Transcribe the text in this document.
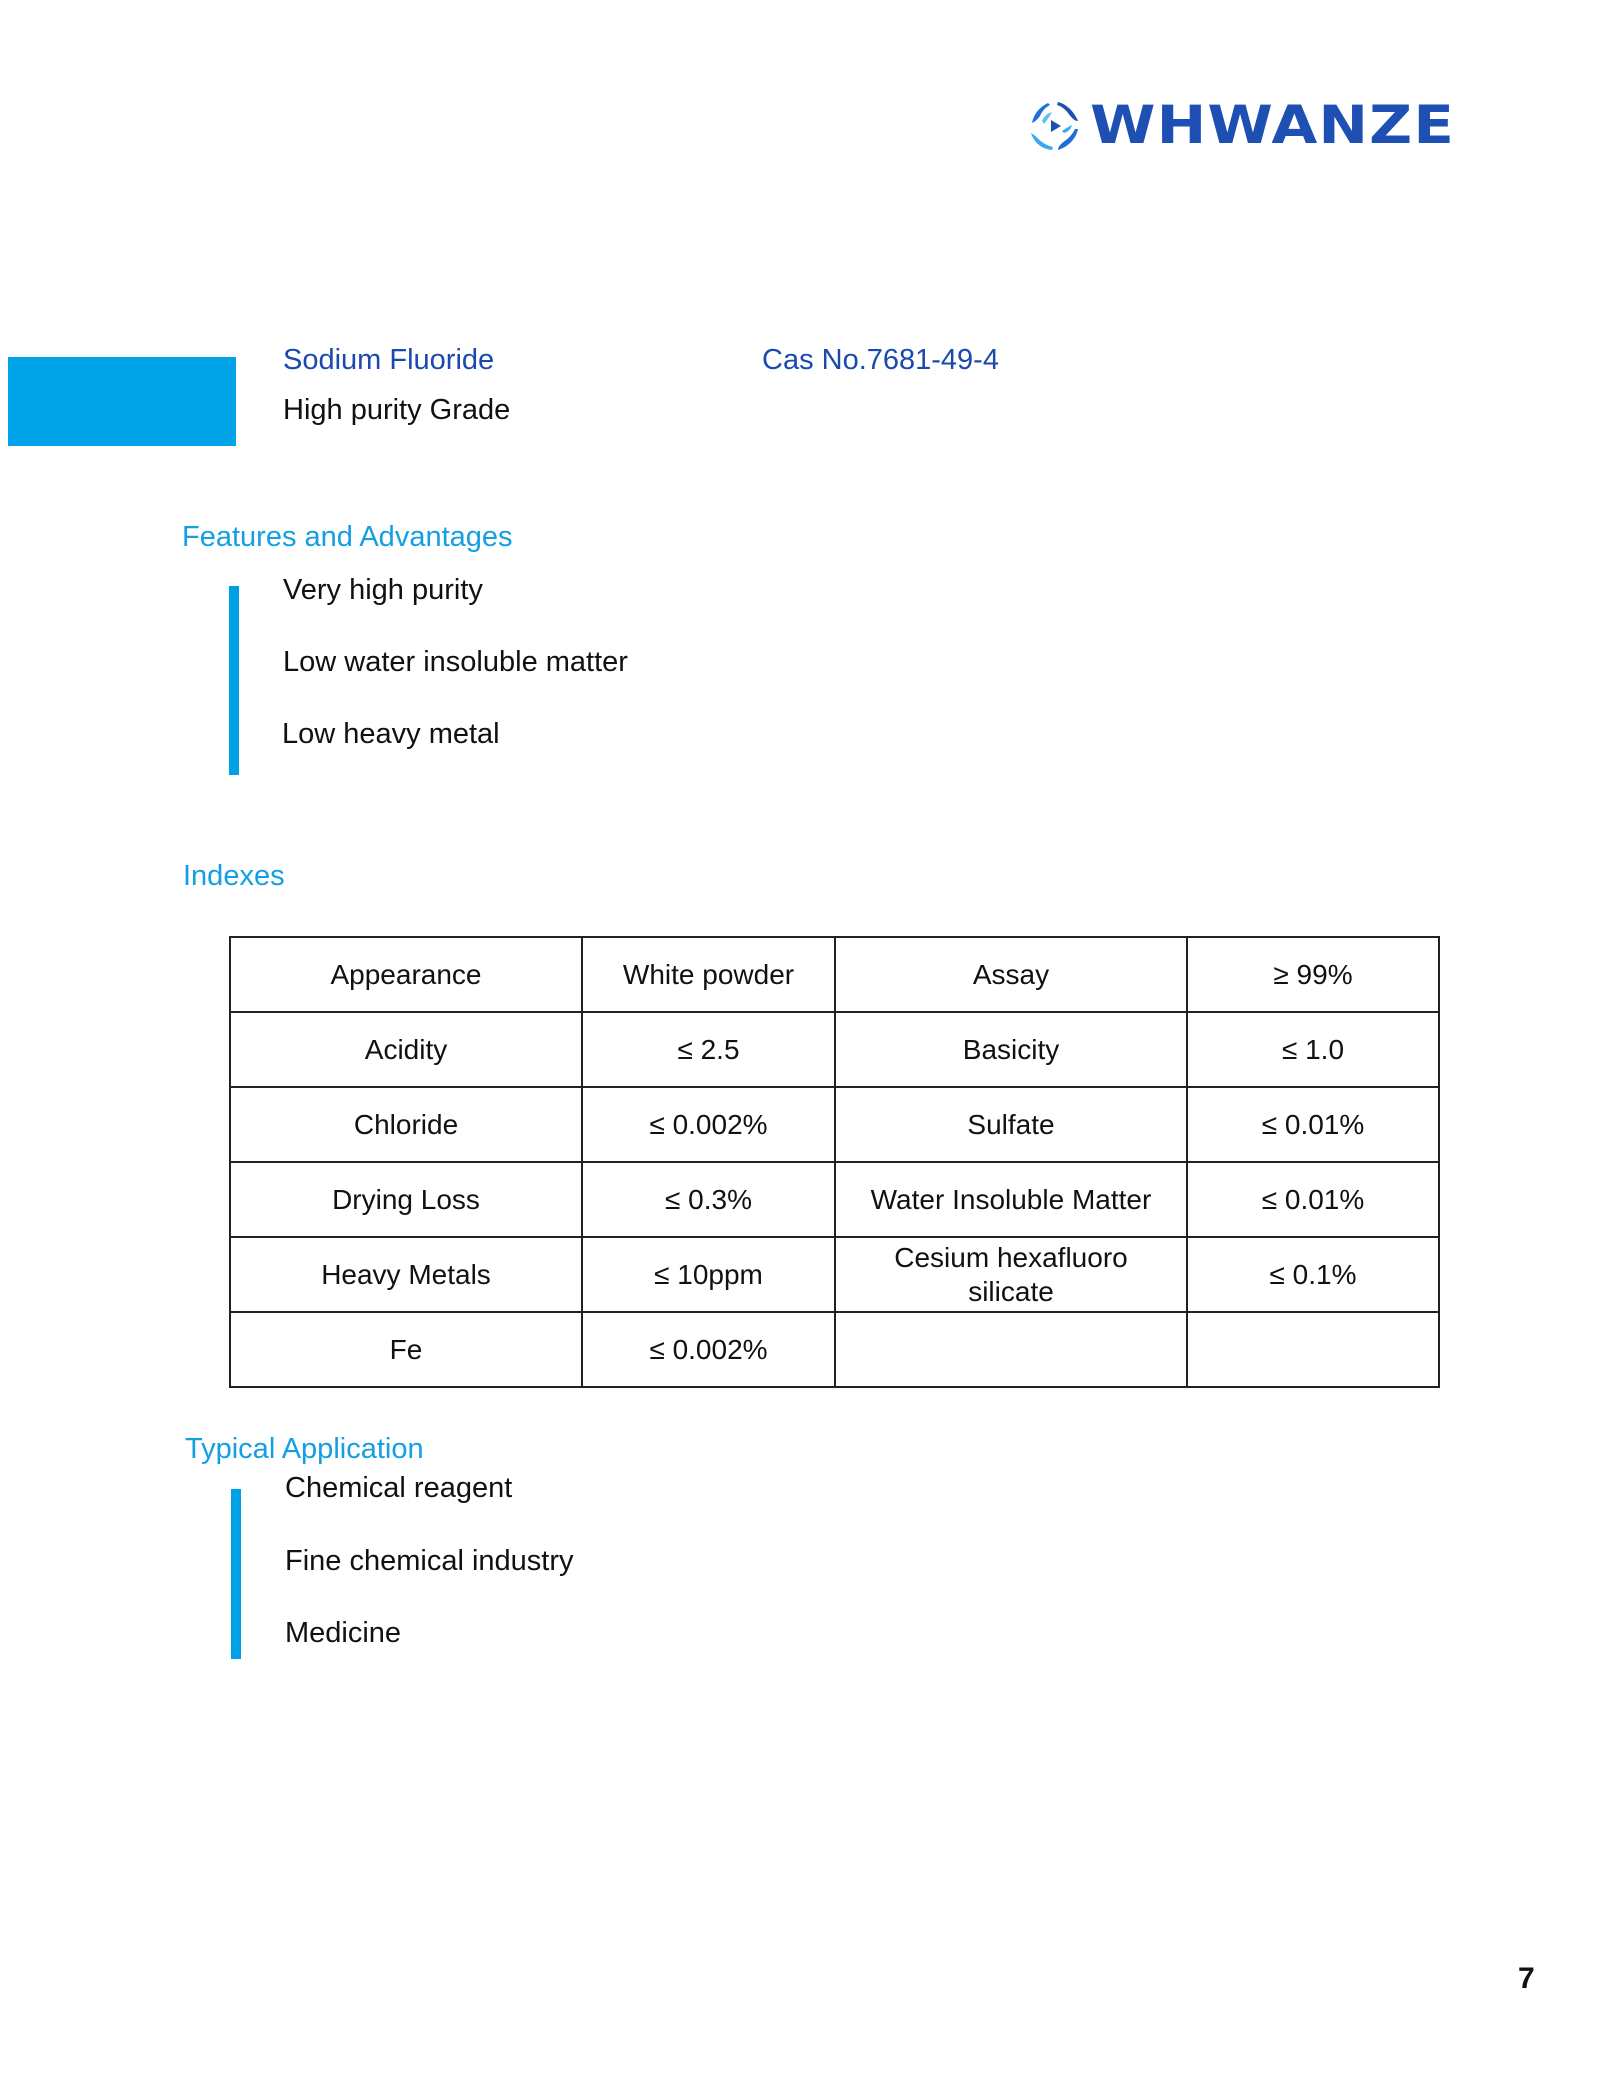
WHWANZE
Sodium Fluoride
High purity Grade
Cas No.7681-49-4
Features and Advantages
Very high purity
Low water insoluble matter
Low heavy metal
Indexes
Appearance	White powder	Assay	≥ 99%
Acidity	≤ 2.5	Basicity	≤ 1.0
Chloride	≤ 0.002%	Sulfate	≤ 0.01%
Drying Loss	≤ 0.3%	Water Insoluble Matter	≤ 0.01%
Heavy Metals	≤ 10ppm	Cesium hexafluoro silicate	≤ 0.1%
Fe	≤ 0.002%		
Typical Application
Chemical reagent
Fine chemical industry
Medicine
7
